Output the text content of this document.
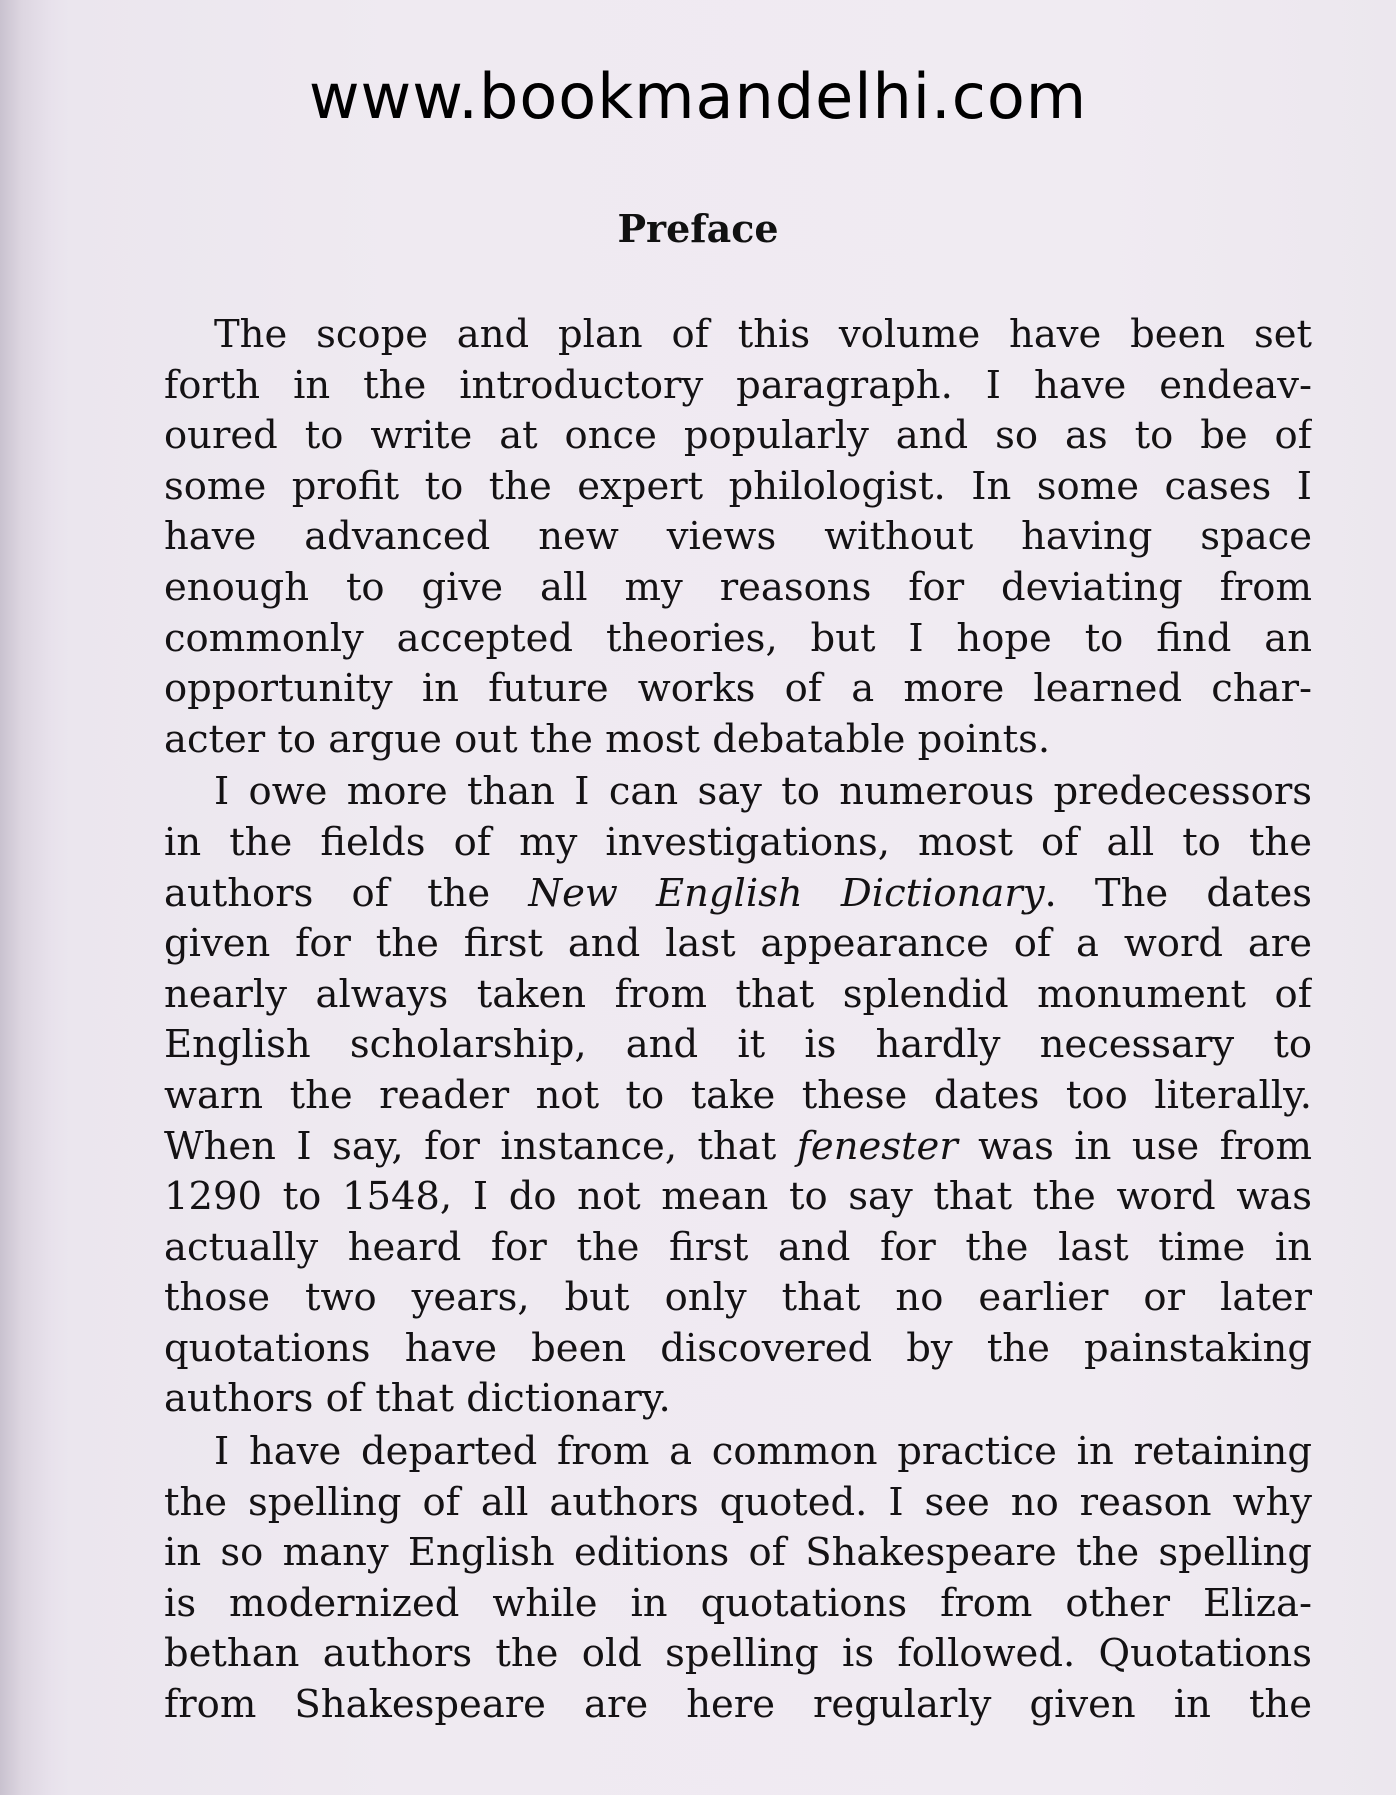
www.bookmandelhi.com

Preface
The scope and plan of this volume have been set
forth in the introductory paragraph. I have endeav-
oured to write at once popularly and so as to be of
some profit to the expert philologist. In some cases I
have advanced new views without having space
enough to give all my reasons for deviating from
commonly accepted theories, but I hope to find an
opportunity in future works of a more learned char-
acter to argue out the most debatable points.
I owe more than I can say to numerous predecessors
in the fields of my investigations, most of all to the
authors of the New English Dictionary. The dates
given for the first and last appearance of a word are
nearly always taken from that splendid monument of
English scholarship, and it is hardly necessary to
warn the reader not to take these dates too literally.
When I say, for instance, that fenester was in use from
1290 to 1548, I do not mean to say that the word was
actually heard for the first and for the last time in
those two years, but only that no earlier or later
quotations have been discovered by the painstaking
authors of that dictionary.
I have departed from a common practice in retaining
the spelling of all authors quoted. I see no reason why
in so many English editions of Shakespeare the spelling
is modernized while in quotations from other Eliza-
bethan authors the old spelling is followed. Quotations
from Shakespeare are here regularly given in the
